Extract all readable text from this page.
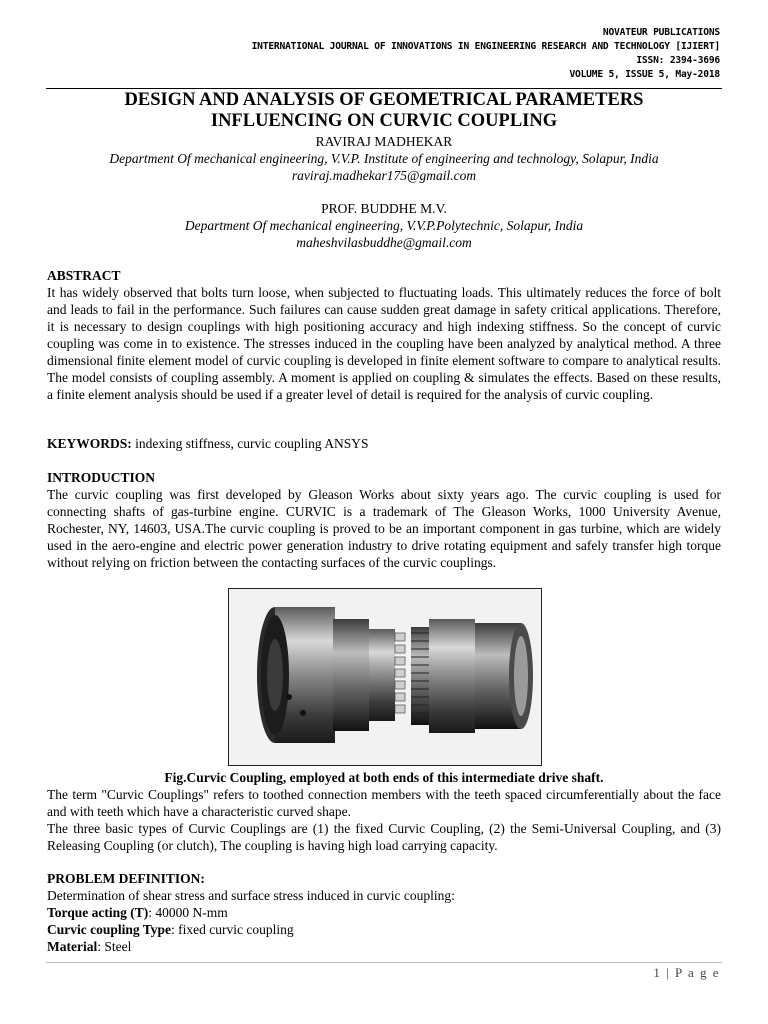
NOVATEUR PUBLICATIONS
INTERNATIONAL JOURNAL OF INNOVATIONS IN ENGINEERING RESEARCH AND TECHNOLOGY [IJIERT]
ISSN: 2394-3696
VOLUME 5, ISSUE 5, May-2018
DESIGN AND ANALYSIS OF GEOMETRICAL PARAMETERS
INFLUENCING ON CURVIC COUPLING
RAVIRAJ MADHEKAR
Department Of mechanical engineering, V.V.P. Institute of engineering and technology, Solapur, India
raviraj.madhekar175@gmail.com
PROF. BUDDHE M.V.
Department Of mechanical engineering, V.V.P.Polytechnic, Solapur, India
maheshvilasbuddhe@gmail.com
ABSTRACT
It has widely observed that bolts turn loose, when subjected to fluctuating loads. This ultimately reduces the force of bolt and leads to fail in the performance. Such failures can cause sudden great damage in safety critical applications. Therefore, it is necessary to design couplings with high positioning accuracy and high indexing stiffness. So the concept of curvic coupling was come in to existence. The stresses induced in the coupling have been analyzed by analytical method. A three dimensional finite element model of curvic coupling is developed in finite element software to compare to analytical results. The model consists of coupling assembly. A moment is applied on coupling & simulates the effects. Based on these results, a finite element analysis should be used if a greater level of detail is required for the analysis of curvic coupling.
KEYWORDS: indexing stiffness, curvic coupling ANSYS
INTRODUCTION
The curvic coupling was first developed by Gleason Works about sixty years ago. The curvic coupling is used for connecting shafts of gas-turbine engine. CURVIC is a trademark of The Gleason Works, 1000 University Avenue, Rochester, NY, 14603, USA.The curvic coupling is proved to be an important component in gas turbine, which are widely used in the aero-engine and electric power generation industry to drive rotating equipment and safely transfer high torque without relying on friction between the contacting surfaces of the curvic couplings.
Fig.Curvic Coupling, employed at both ends of this intermediate drive shaft.
The term "Curvic Couplings" refers to toothed connection members with the teeth spaced circumferentially about the face and with teeth which have a characteristic curved shape.
The three basic types of Curvic Couplings are (1) the fixed Curvic Coupling, (2) the Semi-Universal Coupling, and (3) Releasing Coupling (or clutch), The coupling is having high load carrying capacity.
PROBLEM DEFINITION:
Determination of shear stress and surface stress induced in curvic coupling:
Torque acting (T): 40000 N-mm
Curvic coupling Type: fixed curvic coupling
Material: Steel
1 | P a g e
